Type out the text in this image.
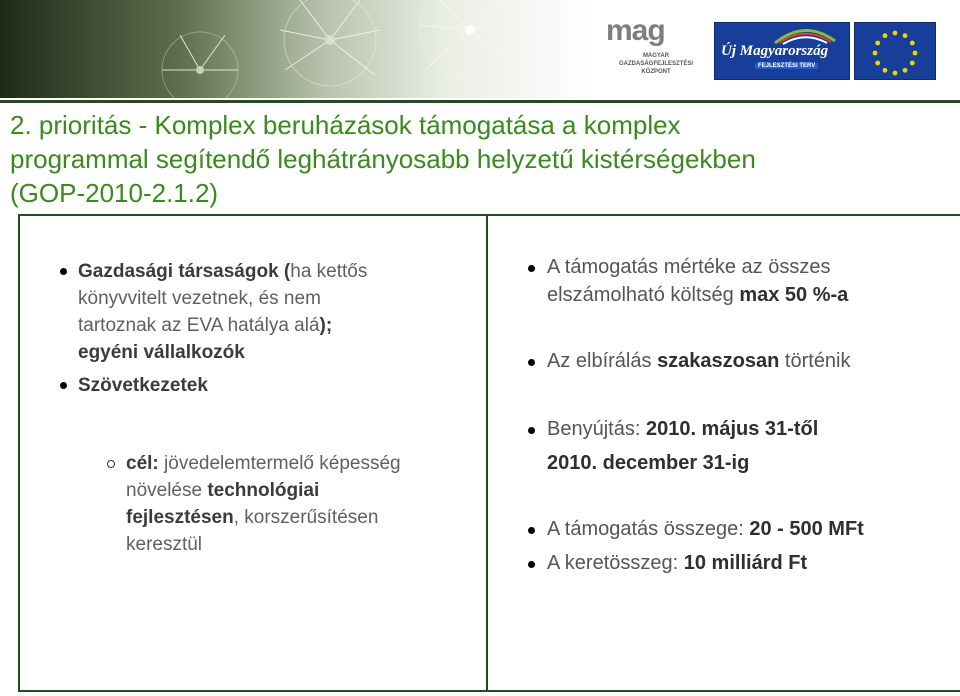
mag
MAGYAR
GAZDASÁGFEJLESZTÉSI
KÖZPONT
Új Magyarország
FEJLESZTÉSI TERV
2. prioritás - Komplex beruházások támogatása a komplex
programmal segítendő leghátrányosabb helyzetű kistérségekben
(GOP-2010-2.1.2)
Gazdasági társaságok (ha kettős
könyvvitelt vezetnek, és nem
tartoznak az EVA hatálya alá);
egyéni vállalkozók
Szövetkezetek
cél: jövedelemtermelő képesség
növelése technológiai
fejlesztésen, korszerűsítésen
keresztül
A támogatás mértéke az összes
elszámolható költség max 50 %-a
Az elbírálás szakaszosan történik
Benyújtás: 2010. május 31-től
2010. december 31-ig
A támogatás összege: 20 - 500 MFt
A keretösszeg: 10 milliárd Ft
